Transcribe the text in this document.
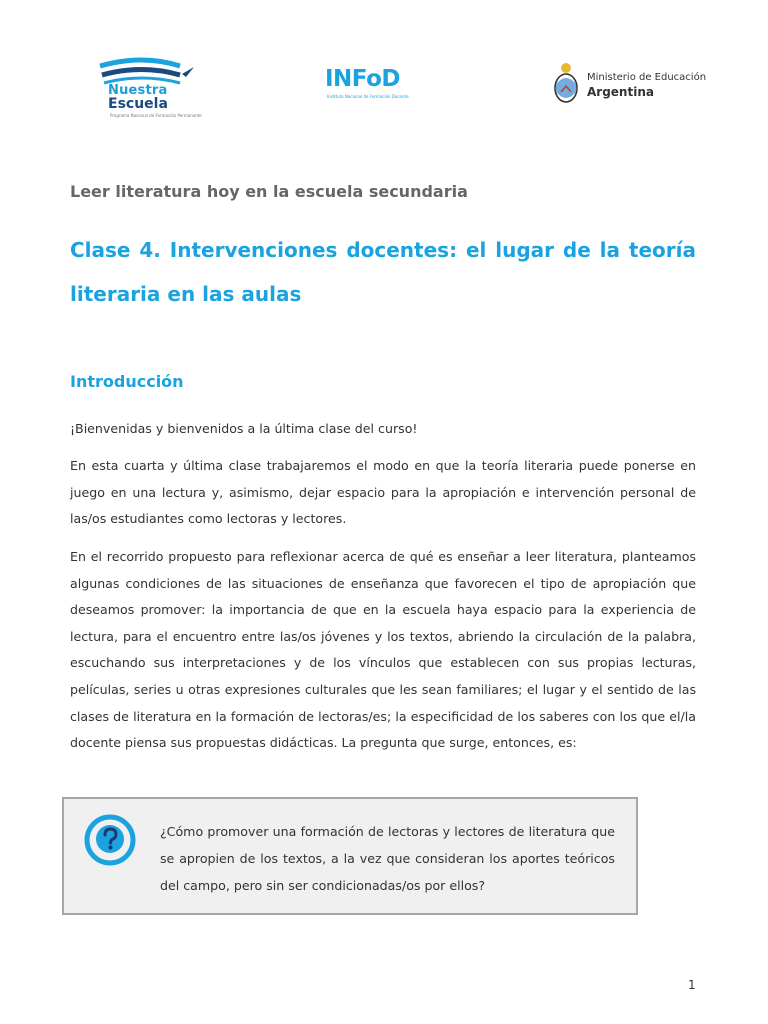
Nuestra
Escuela
Programa Nacional de Formación Permanente
INFoD
Instituto Nacional de Formación Docente
Ministerio de Educación
Argentina
Leer literatura hoy en la escuela secundaria
Clase 4. Intervenciones docentes: el lugar de la teoría literaria en las aulas
Introducción

¡Bienvenidas y bienvenidos a la última clase del curso!

En esta cuarta y última clase trabajaremos el modo en que la teoría literaria puede ponerse en juego en una lectura y, asimismo, dejar espacio para la apropiación e intervención personal de las/os estudiantes como lectoras y lectores.

En el recorrido propuesto para reflexionar acerca de qué es enseñar a leer literatura, planteamos algunas condiciones de las situaciones de enseñanza que favorecen el tipo de apropiación que deseamos promover: la importancia de que en la escuela haya espacio para la experiencia de lectura, para el encuentro entre las/os jóvenes y los textos, abriendo la circulación de la palabra, escuchando sus interpretaciones y de los vínculos que establecen con sus propias lecturas, películas, series u otras expresiones culturales que les sean familiares; el lugar y el sentido de las clases de literatura en la formación de lectoras/es; la especificidad de los saberes con los que el/la docente piensa sus propuestas didácticas. La pregunta que surge, entonces, es:

¿Cómo promover una formación de lectoras y lectores de literatura que se apropien de los textos, a la vez que consideran los aportes teóricos del campo, pero sin ser condicionadas/os por ellos?
1
